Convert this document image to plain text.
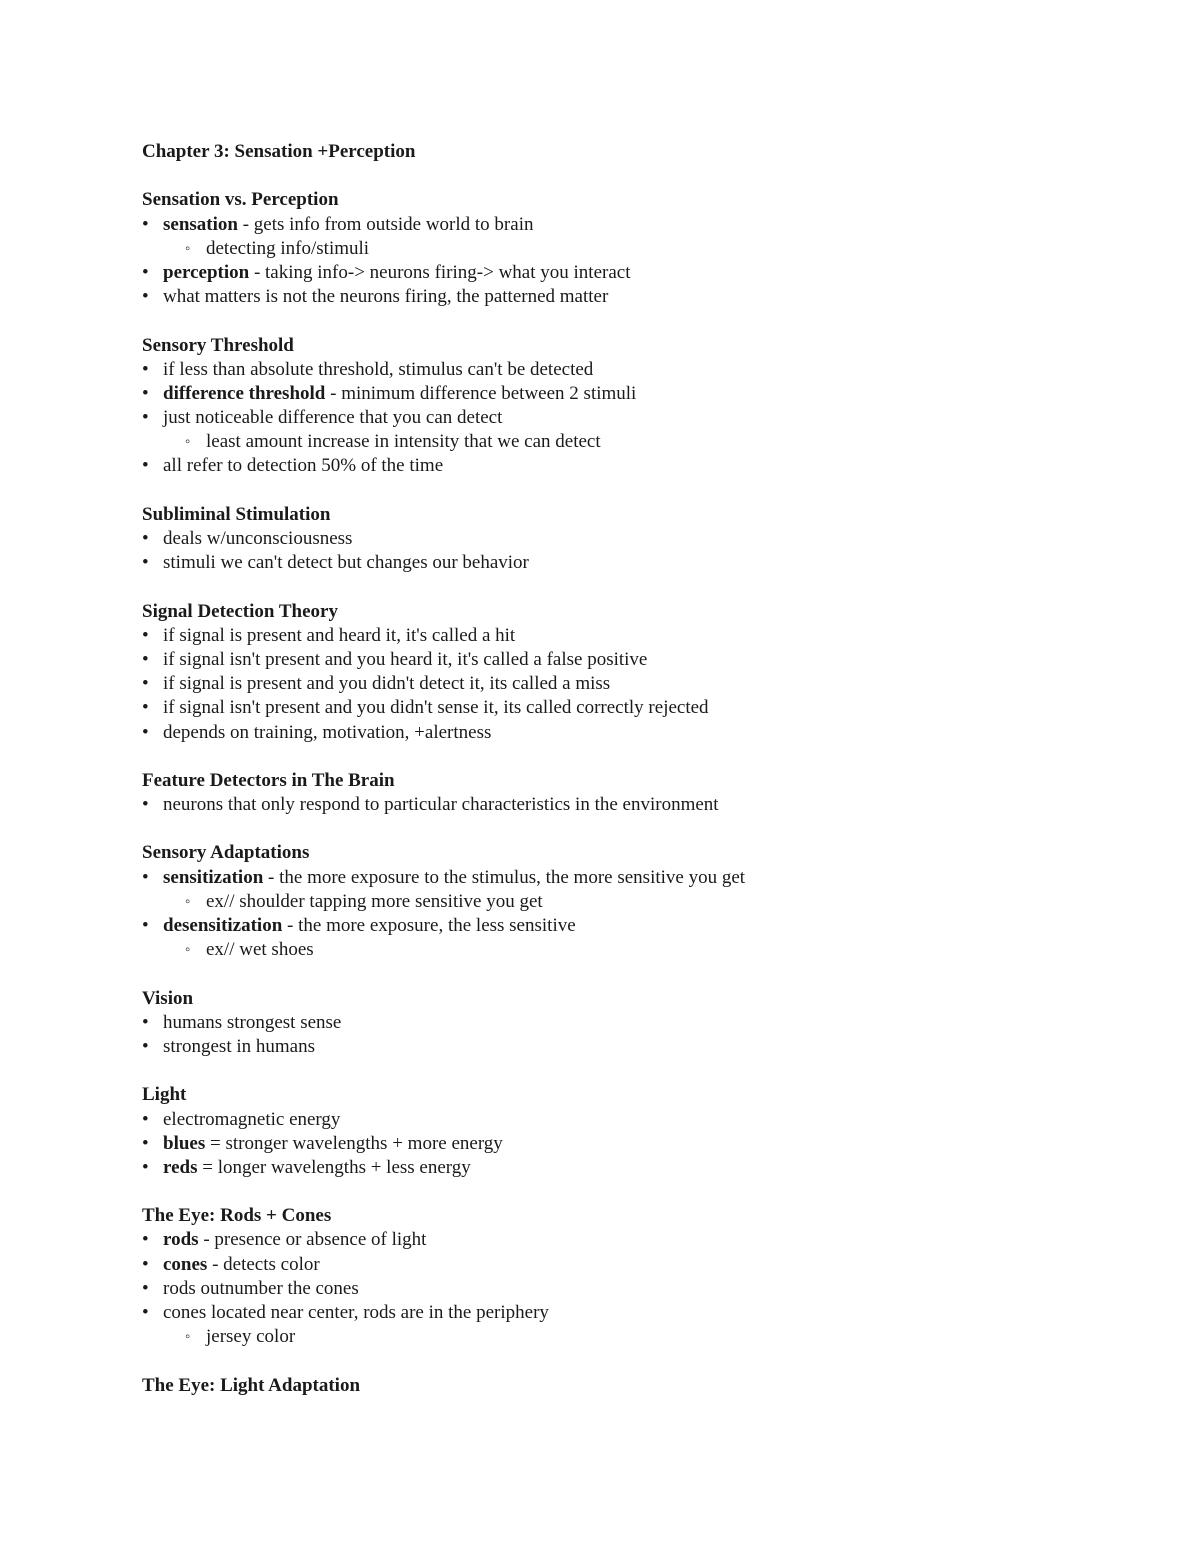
Chapter 3: Sensation +Perception
Sensation vs. Perception
• sensation - gets info from outside world to brain
◦ detecting info/stimuli
• perception - taking info-> neurons firing-> what you interact
• what matters is not the neurons firing, the patterned matter
Sensory Threshold
• if less than absolute threshold, stimulus can't be detected
• difference threshold - minimum difference between 2 stimuli
• just noticeable difference that you can detect
◦ least amount increase in intensity that we can detect
• all refer to detection 50% of the time
Subliminal Stimulation
• deals w/unconsciousness
• stimuli we can't detect but changes our behavior
Signal Detection Theory
• if signal is present and heard it, it's called a hit
• if signal isn't present and you heard it, it's called a false positive
• if signal is present and you didn't detect it, its called a miss
• if signal isn't present and you didn't sense it, its called correctly rejected
• depends on training, motivation, +alertness
Feature Detectors in The Brain
• neurons that only respond to particular characteristics in the environment
Sensory Adaptations
• sensitization - the more exposure to the stimulus, the more sensitive you get
◦ ex// shoulder tapping more sensitive you get
• desensitization - the more exposure, the less sensitive
◦ ex// wet shoes
Vision
• humans strongest sense
• strongest in humans
Light
• electromagnetic energy
• blues = stronger wavelengths + more energy
• reds = longer wavelengths + less energy
The Eye: Rods + Cones
• rods - presence or absence of light
• cones - detects color
• rods outnumber the cones
• cones located near center, rods are in the periphery
◦ jersey color
The Eye: Light Adaptation
